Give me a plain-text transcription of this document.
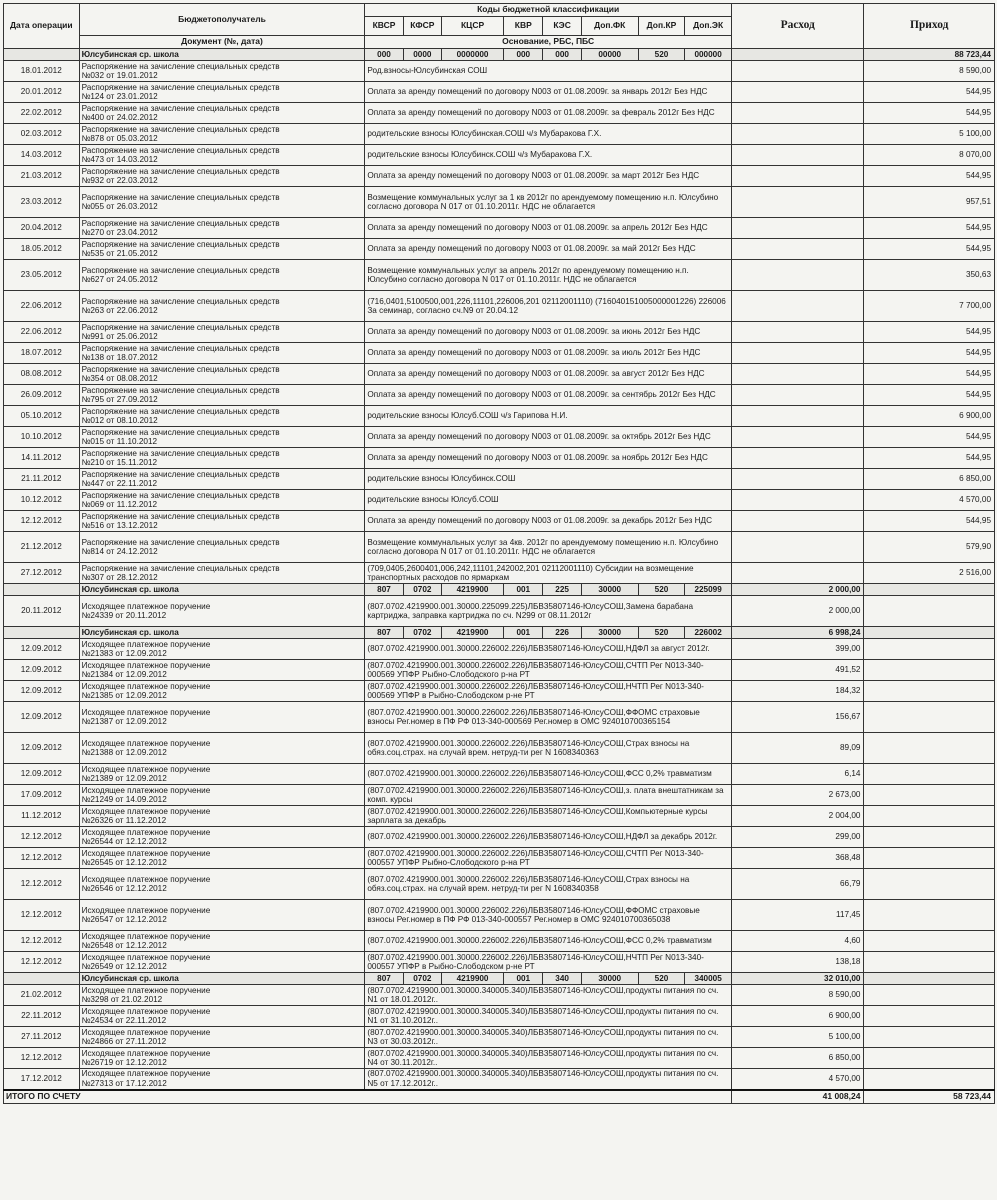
Дата операции	Бюджетополучатель	Коды бюджетной классификации								Расход	Приход
		КВСР	КФСР	КЦСР	КВР	КЭС	Доп.ФК	Доп.КР	Доп.ЭК		
	Документ (№, дата)	Основание, РБС, ПБС									
	Юлсубинская ср. школа	000	0000	0000000	000	000	00000	520	000000		88 723,44
18.01.2012	Распоряжение на зачисление специальных средств
№032 от 19.01.2012	Род.взносы-Юлсубинская СОШ									8 590,00
20.01.2012	Распоряжение на зачисление специальных средств
№124 от 23.01.2012	Оплата за аренду помещений по договору N003 от 01.08.2009г. за январь 2012г Без НДС									544,95
22.02.2012	Распоряжение на зачисление специальных средств
№400 от 24.02.2012	Оплата за аренду помещений по договору N003 от 01.08.2009г. за февраль 2012г Без НДС									544,95
02.03.2012	Распоряжение на зачисление специальных средств
№878 от 05.03.2012	родительские взносы Юлсубинская.СОШ ч/з Мубаракова Г.Х.									5 100,00
14.03.2012	Распоряжение на зачисление специальных средств
№473 от 14.03.2012	родительские взносы Юлсубинск.СОШ ч/з Мубаракова Г.Х.									8 070,00
21.03.2012	Распоряжение на зачисление специальных средств
№932 от 22.03.2012	Оплата за аренду помещений по договору N003 от 01.08.2009г. за март 2012г Без НДС									544,95
23.03.2012	Распоряжение на зачисление специальных средств
№055 от 26.03.2012	Возмещение коммунальных услуг за 1 кв 2012г по арендуемому помещению н.п. Юлсубино согласно договора N 017 от 01.10.2011г. НДС не облагается									957,51
20.04.2012	Распоряжение на зачисление специальных средств
№270 от 23.04.2012	Оплата за аренду помещений по договору N003 от 01.08.2009г. за апрель 2012г Без НДС									544,95
18.05.2012	Распоряжение на зачисление специальных средств
№535 от 21.05.2012	Оплата за аренду помещений по договору N003 от 01.08.2009г. за май 2012г Без НДС									544,95
23.05.2012	Распоряжение на зачисление специальных средств
№627 от 24.05.2012	Возмещение коммунальных услуг за апрель 2012г по арендуемому помещению н.п. Юлсубино согласно договора N 017 от 01.10.2011г. НДС не облагается									350,63
22.06.2012	Распоряжение на зачисление специальных средств
№263 от 22.06.2012	(716,0401,5100500,001,226,11101,226006,201 02112001110) (716040151005000001226) 226006 За семинар, согласно сч.N9 от 20.04.12									7 700,00
22.06.2012	Распоряжение на зачисление специальных средств
№991 от 25.06.2012	Оплата за аренду помещений по договору N003 от 01.08.2009г. за июнь 2012г Без НДС									544,95
18.07.2012	Распоряжение на зачисление специальных средств
№138 от 18.07.2012	Оплата за аренду помещений по договору N003 от 01.08.2009г. за июль 2012г Без НДС									544,95
08.08.2012	Распоряжение на зачисление специальных средств
№354 от 08.08.2012	Оплата за аренду помещений по договору N003 от 01.08.2009г. за август 2012г Без НДС									544,95
26.09.2012	Распоряжение на зачисление специальных средств
№795 от 27.09.2012	Оплата за аренду помещений по договору N003 от 01.08.2009г. за сентябрь 2012г Без НДС									544,95
05.10.2012	Распоряжение на зачисление специальных средств
№012 от 08.10.2012	родительские взносы Юлсуб.СОШ ч/з Гарипова Н.И.									6 900,00
10.10.2012	Распоряжение на зачисление специальных средств
№015 от 11.10.2012	Оплата за аренду помещений по договору N003 от 01.08.2009г. за октябрь 2012г Без НДС									544,95
14.11.2012	Распоряжение на зачисление специальных средств
№210 от 15.11.2012	Оплата за аренду помещений по договору N003 от 01.08.2009г. за ноябрь 2012г Без НДС									544,95
21.11.2012	Распоряжение на зачисление специальных средств
№447 от 22.11.2012	родительские взносы Юлсубинск.СОШ									6 850,00
10.12.2012	Распоряжение на зачисление специальных средств
№069 от 11.12.2012	родительские взносы Юлсуб.СОШ									4 570,00
12.12.2012	Распоряжение на зачисление специальных средств
№516 от 13.12.2012	Оплата за аренду помещений по договору N003 от 01.08.2009г. за декабрь 2012г Без НДС									544,95
21.12.2012	Распоряжение на зачисление специальных средств
№814 от 24.12.2012	Возмещение коммунальных услуг за 4кв. 2012г по арендуемому помещению н.п. Юлсубино согласно договора N 017 от 01.10.2011г. НДС не облагается									579,90
27.12.2012	Распоряжение на зачисление специальных средств
№307 от 28.12.2012	(709,0405,2600401,006,242,11101,242002,201 02112001110) Субсидии на возмещение транспортных расходов по ярмаркам									2 516,00
	Юлсубинская ср. школа	807	0702	4219900	001	225	30000	520	225099	2 000,00	
20.11.2012	Исходящее платежное поручение
№24339 от 20.11.2012	(807.0702.4219900.001.30000.225099.225)ЛБВ35807146-ЮлсуСОШ,Замена барабана картриджа, заправка картриджа по сч. N299 от 08.11.2012г								2 000,00	
	Юлсубинская ср. школа	807	0702	4219900	001	226	30000	520	226002	6 998,24	
12.09.2012	Исходящее платежное поручение
№21383 от 12.09.2012	(807.0702.4219900.001.30000.226002.226)ЛБВ35807146-ЮлсуСОШ,НДФЛ за август 2012г.								399,00	
12.09.2012	Исходящее платежное поручение
№21384 от 12.09.2012	(807.0702.4219900.001.30000.226002.226)ЛБВ35807146-ЮлсуСОШ,СЧТП Рег N013-340-000569 УПФР Рыбно-Слободского р-на РТ								491,52	
12.09.2012	Исходящее платежное поручение
№21385 от 12.09.2012	(807.0702.4219900.001.30000.226002.226)ЛБВ35807146-ЮлсуСОШ,НЧТП Рег N013-340-000569 УПФР в Рыбно-Слободском р-не РТ								184,32	
12.09.2012	Исходящее платежное поручение
№21387 от 12.09.2012	(807.0702.4219900.001.30000.226002.226)ЛБВ35807146-ЮлсуСОШ,ФФОМС страховые взносы Рег.номер в ПФ РФ 013-340-000569 Рег.номер в ОМС 924010700365154								156,67	
12.09.2012	Исходящее платежное поручение
№21388 от 12.09.2012	(807.0702.4219900.001.30000.226002.226)ЛБВ35807146-ЮлсуСОШ,Страх взносы на обяз.соц.страх. на случай врем. нетруд-ти рег N 1608340363								89,09	
12.09.2012	Исходящее платежное поручение
№21389 от 12.09.2012	(807.0702.4219900.001.30000.226002.226)ЛБВ35807146-ЮлсуСОШ,ФСС 0,2% травматизм								6,14	
17.09.2012	Исходящее платежное поручение
№21249 от 14.09.2012	(807.0702.4219900.001.30000.226002.226)ЛБВ35807146-ЮлсуСОШ,з. плата внештатникам за комп. курсы								2 673,00	
11.12.2012	Исходящее платежное поручение
№26326 от 11.12.2012	(807.0702.4219900.001.30000.226002.226)ЛБВ35807146-ЮлсуСОШ,Компьютерные курсы зарплата за декабрь								2 004,00	
12.12.2012	Исходящее платежное поручение
№26544 от 12.12.2012	(807.0702.4219900.001.30000.226002.226)ЛБВ35807146-ЮлсуСОШ,НДФЛ за декабрь 2012г.								299,00	
12.12.2012	Исходящее платежное поручение
№26545 от 12.12.2012	(807.0702.4219900.001.30000.226002.226)ЛБВ35807146-ЮлсуСОШ,СЧТП Рег N013-340-000557 УПФР Рыбно-Слободского р-на РТ								368,48	
12.12.2012	Исходящее платежное поручение
№26546 от 12.12.2012	(807.0702.4219900.001.30000.226002.226)ЛБВ35807146-ЮлсуСОШ,Страх взносы на обяз.соц.страх. на случай врем. нетруд-ти рег N 1608340358								66,79	
12.12.2012	Исходящее платежное поручение
№26547 от 12.12.2012	(807.0702.4219900.001.30000.226002.226)ЛБВ35807146-ЮлсуСОШ,ФФОМС страховые взносы Рег.номер в ПФ РФ 013-340-000557 Рег.номер в ОМС 924010700365038								117,45	
12.12.2012	Исходящее платежное поручение
№26548 от 12.12.2012	(807.0702.4219900.001.30000.226002.226)ЛБВ35807146-ЮлсуСОШ,ФСС 0,2% травматизм								4,60	
12.12.2012	Исходящее платежное поручение
№26549 от 12.12.2012	(807.0702.4219900.001.30000.226002.226)ЛБВ35807146-ЮлсуСОШ,НЧТП Рег N013-340-000557 УПФР в Рыбно-Слободском р-не РТ								138,18	
	Юлсубинская ср. школа	807	0702	4219900	001	340	30000	520	340005	32 010,00	
21.02.2012	Исходящее платежное поручение
№3298 от 21.02.2012	(807.0702.4219900.001.30000.340005.340)ЛБВ35807146-ЮлсуСОШ,продукты питания по сч. N1 от 18.01.2012г..								8 590,00	
22.11.2012	Исходящее платежное поручение
№24534 от 22.11.2012	(807.0702.4219900.001.30000.340005.340)ЛБВ35807146-ЮлсуСОШ,продукты питания по сч. N1 от 31.10.2012г..								6 900,00	
27.11.2012	Исходящее платежное поручение
№24866 от 27.11.2012	(807.0702.4219900.001.30000.340005.340)ЛБВ35807146-ЮлсуСОШ,продукты питания по сч. N3 от 30.03.2012г..								5 100,00	
12.12.2012	Исходящее платежное поручение
№26719 от 12.12.2012	(807.0702.4219900.001.30000.340005.340)ЛБВ35807146-ЮлсуСОШ,продукты питания по сч. N4 от 30.11.2012г..								6 850,00	
17.12.2012	Исходящее платежное поручение
№27313 от 17.12.2012	(807.0702.4219900.001.30000.340005.340)ЛБВ35807146-ЮлсуСОШ,продукты питания по сч. N5 от 17.12.2012г..								4 570,00	
ИТОГО ПО СЧЕТУ										41 008,24	58 723,44
